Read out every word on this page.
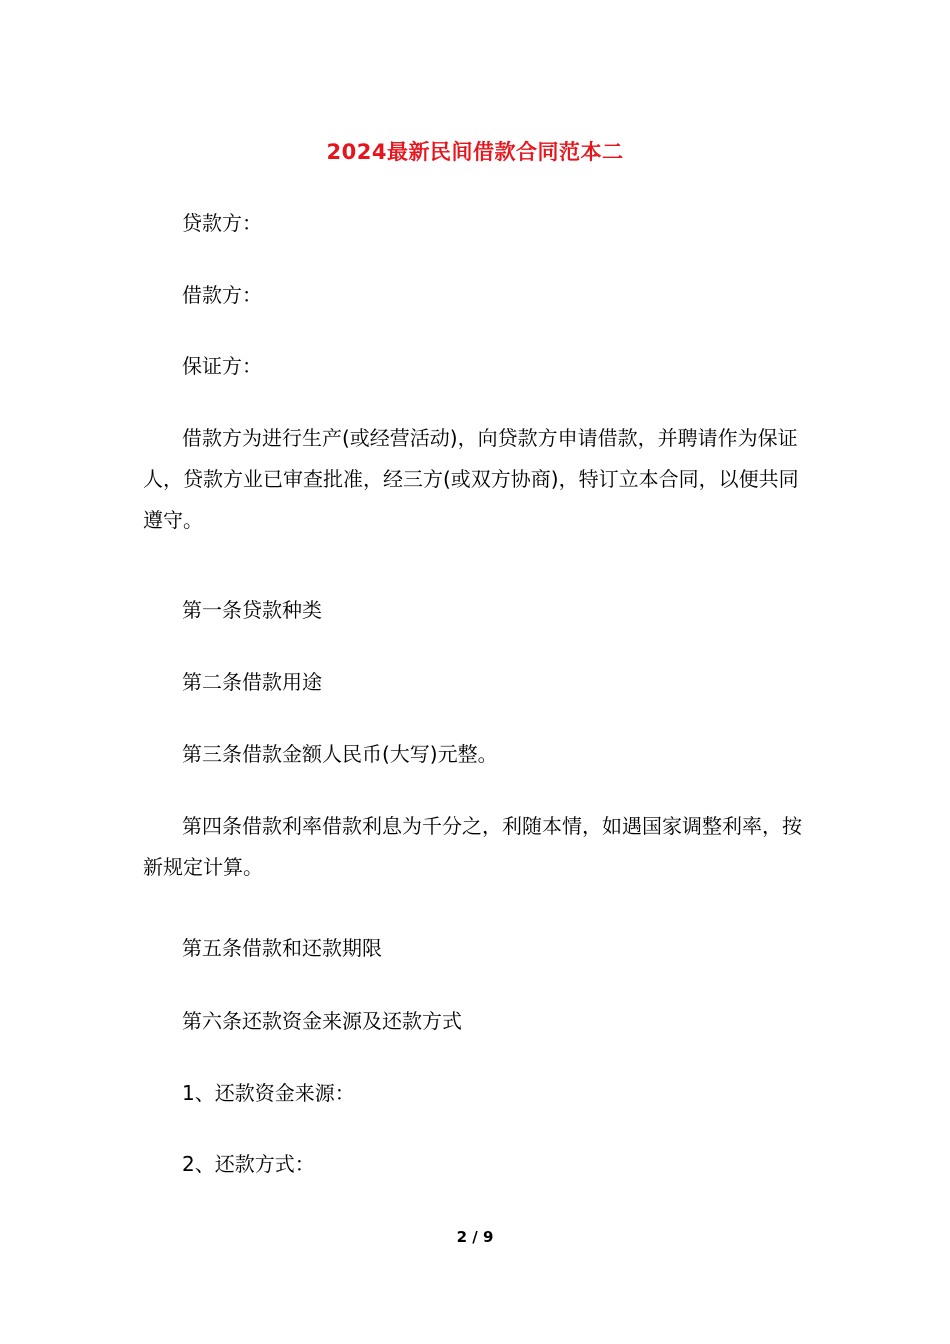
2024最新民间借款合同范本二

贷款方：

借款方：

保证方：

借款方为进行生产(或经营活动)，向贷款方申请借款，并聘请作为保证人，贷款方业已审查批准，经三方(或双方协商)，特订立本合同，以便共同遵守。

第一条贷款种类

第二条借款用途

第三条借款金额人民币(大写)元整。

第四条借款利率借款利息为千分之，利随本情，如遇国家调整利率，按新规定计算。

第五条借款和还款期限

第六条还款资金来源及还款方式

1、还款资金来源：

2、还款方式：

2 / 9
